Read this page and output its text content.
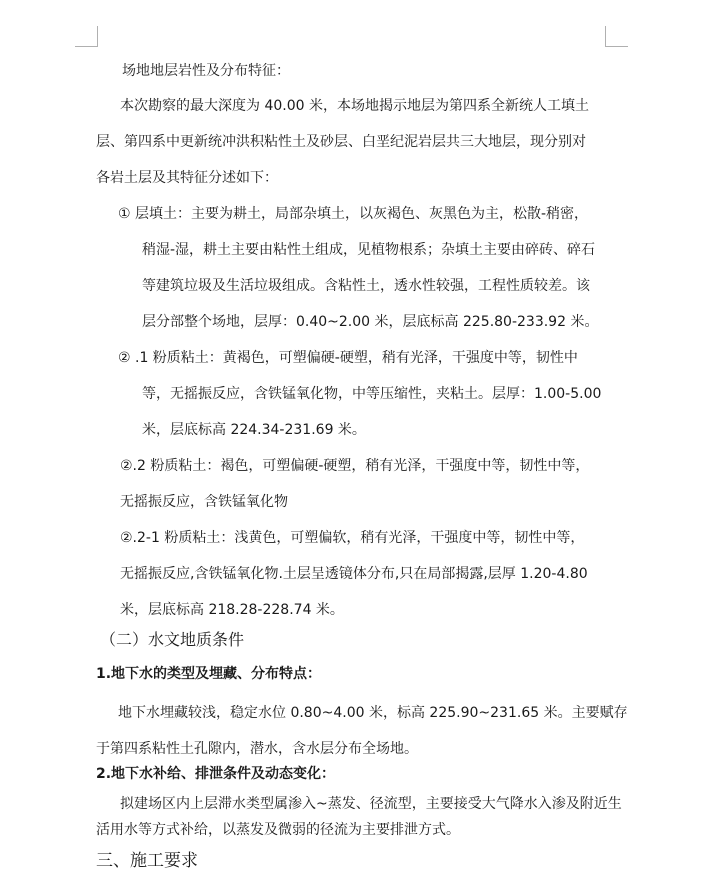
场地地层岩性及分布特征：
本次勘察的最大深度为 40.00 米，本场地揭示地层为第四系全新统人工填土
层、第四系中更新统冲洪积粘性土及砂层、白垩纪泥岩层共三大地层，现分别对
各岩土层及其特征分述如下：
① 层填土：主要为耕土，局部杂填土，以灰褐色、灰黑色为主，松散-稍密，
稍湿-湿，耕土主要由粘性土组成，见植物根系；杂填土主要由碎砖、碎石
等建筑垃圾及生活垃圾组成。含粘性土，透水性较强，工程性质较差。该
层分部整个场地，层厚：0.40~2.00 米，层底标高 225.80-233.92 米。
② .1 粉质粘土：黄褐色，可塑偏硬-硬塑，稍有光泽，干强度中等，韧性中
等，无摇振反应，含铁锰氧化物，中等压缩性，夹粘土。层厚：1.00-5.00
米，层底标高 224.34-231.69 米。
②.2 粉质粘土：褐色，可塑偏硬-硬塑，稍有光泽，干强度中等，韧性中等，
无摇振反应，含铁锰氧化物
②.2-1 粉质粘土：浅黄色，可塑偏软，稍有光泽，干强度中等，韧性中等，
无摇振反应,含铁锰氧化物.土层呈透镜体分布,只在局部揭露,层厚 1.20-4.80
米，层底标高 218.28-228.74 米。
（二）水文地质条件
1.地下水的类型及埋藏、分布特点：
地下水埋藏较浅，稳定水位 0.80~4.00 米，标高 225.90~231.65 米。主要赋存
于第四系粘性土孔隙内，潜水，含水层分布全场地。
2.地下水补给、排泄条件及动态变化：
拟建场区内上层滞水类型属渗入~蒸发、径流型，主要接受大气降水入渗及附近生
活用水等方式补给，以蒸发及微弱的径流为主要排泄方式。
三、施工要求
